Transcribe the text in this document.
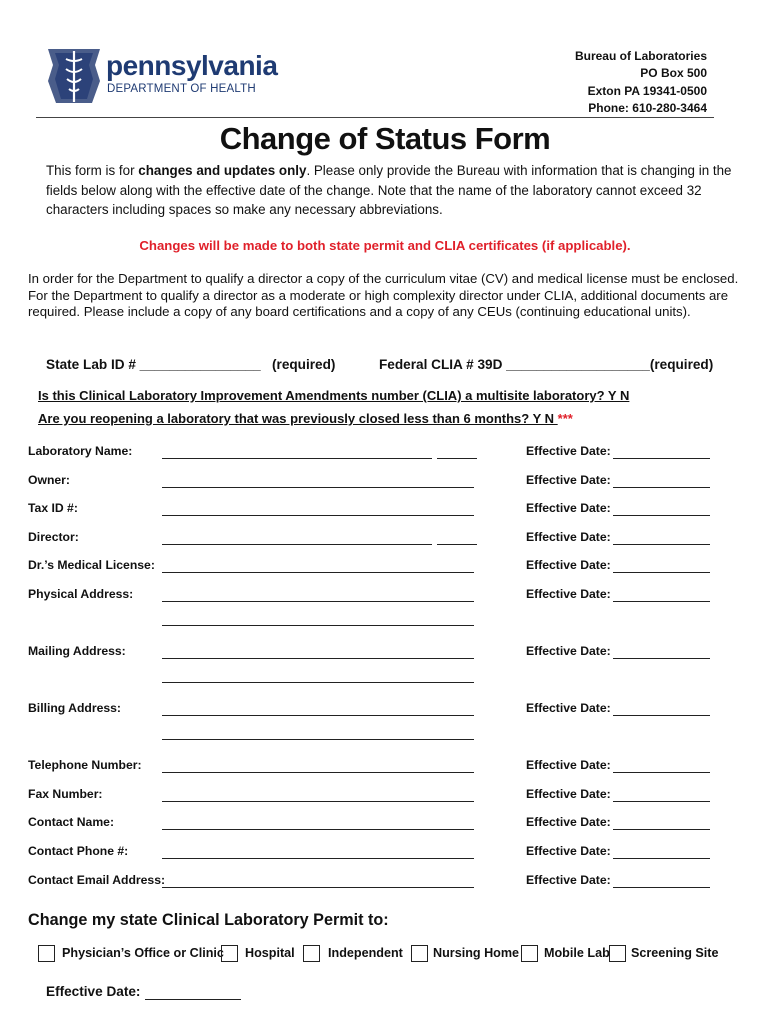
pennsylvania
DEPARTMENT OF HEALTH
Bureau of Laboratories
PO Box 500
Exton PA 19341-0500
Phone: 610-280-3464
Change of Status Form
This form is for changes and updates only. Please only provide the Bureau with information that is changing in the fields below along with the effective date of the change. Note that the name of the laboratory cannot exceed 32 characters including spaces so make any necessary abbreviations.
Changes will be made to both state permit and CLIA certificates (if applicable).
In order for the Department to qualify a director a copy of the curriculum vitae (CV) and medical license must be enclosed. For the Department to qualify a director as a moderate or high complexity director under CLIA, additional documents are required. Please include a copy of any board certifications and a copy of any CEUs (continuing educational units).
State Lab ID # ________________ (required)	Federal CLIA # 39D ___________________(required)
Is this Clinical Laboratory Improvement Amendments number (CLIA) a multisite laboratory? Y N
Are you reopening a laboratory that was previously closed less than 6 months? Y N ***
Laboratory Name:	Effective Date:
Owner:	Effective Date:
Tax ID #:	Effective Date:
Director:	Effective Date:
Dr.’s Medical License:	Effective Date:
Physical Address:	Effective Date:
Mailing Address:	Effective Date:
Billing Address:	Effective Date:
Telephone Number:	Effective Date:
Fax Number:	Effective Date:
Contact Name:	Effective Date:
Contact Phone #:	Effective Date:
Contact Email Address:	Effective Date:
Change my state Clinical Laboratory Permit to:
Physician’s Office or Clinic Hospital	Independent Nursing Home Mobile Lab Screening Site
Effective Date:
